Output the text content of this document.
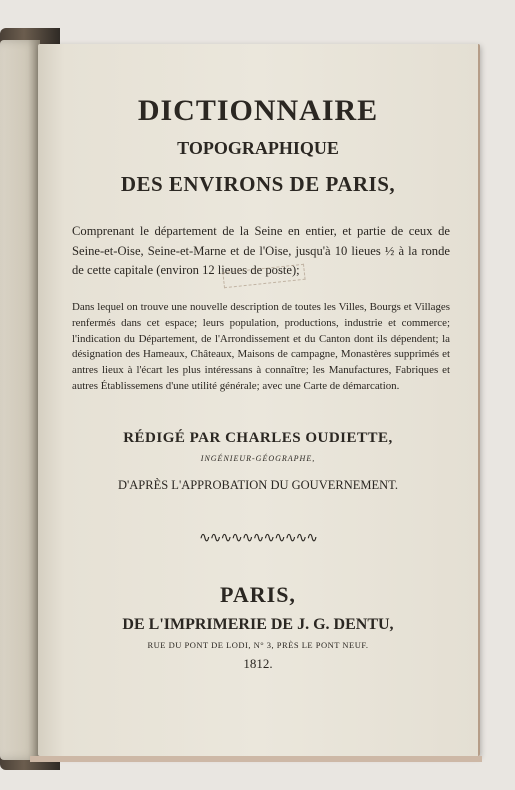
DICTIONNAIRE

TOPOGRAPHIQUE

DES ENVIRONS DE PARIS,

Comprenant le département de la Seine en entier, et partie de ceux de Seine-et-Oise, Seine-et-Marne et de l'Oise, jusqu'à 10 lieues ½ à la ronde de cette capitale (environ 12 lieues de poste);

Dans lequel on trouve une nouvelle description de toutes les Villes, Bourgs et Villages renfermés dans cet espace; leurs population, productions, industrie et commerce; l'indication du Département, de l'Arrondissement et du Canton dont ils dépendent; la désignation des Hameaux, Châteaux, Maisons de campagne, Monastères supprimés et antres lieux à l'écart les plus intéressans à connaître; les Manufactures, Fabriques et autres Établissemens d'une utilité générale; avec une Carte de démarcation.

RÉDIGÉ PAR CHARLES OUDIETTE,

INGÉNIEUR-GÉOGRAPHE,

D'APRÈS L'APPROBATION DU GOUVERNEMENT.

∿∿∿∿∿∿∿∿∿∿∿

PARIS,

DE L'IMPRIMERIE DE J. G. DENTU,

RUE DU PONT DE LODI, N° 3, PRÈS LE PONT NEUF.

1812.
